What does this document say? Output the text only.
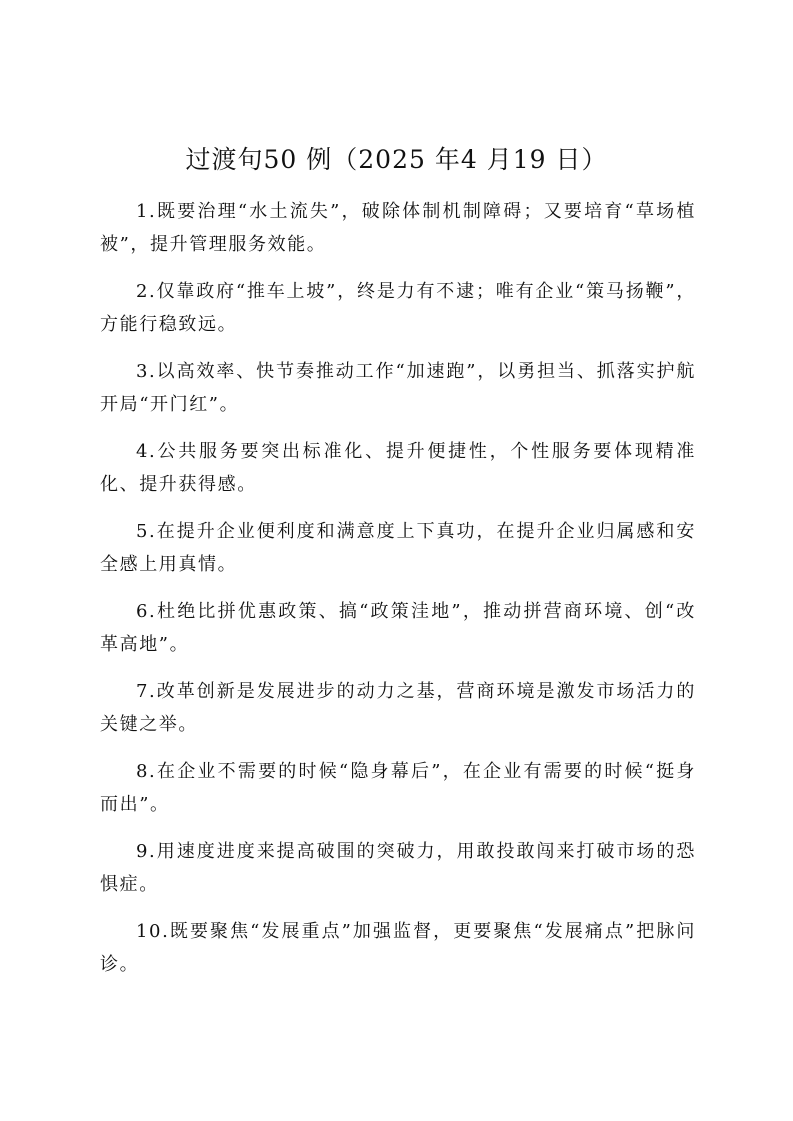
过渡句50 例（2025 年4 月19 日）
1.既要治理“水土流失”，破除体制机制障碍；又要培育“草场植被”，提升管理服务效能。
2.仅靠政府“推车上坡”，终是力有不逮；唯有企业“策马扬鞭”，方能行稳致远。
3.以高效率、快节奏推动工作“加速跑”，以勇担当、抓落实护航开局“开门红”。
4.公共服务要突出标准化、提升便捷性，个性服务要体现精准化、提升获得感。
5.在提升企业便利度和满意度上下真功，在提升企业归属感和安全感上用真情。
6.杜绝比拼优惠政策、搞“政策洼地”，推动拼营商环境、创“改革高地”。
7.改革创新是发展进步的动力之基，营商环境是激发市场活力的关键之举。
8.在企业不需要的时候“隐身幕后”，在企业有需要的时候“挺身而出”。
9.用速度进度来提高破围的突破力，用敢投敢闯来打破市场的恐惧症。
10.既要聚焦“发展重点”加强监督，更要聚焦“发展痛点”把脉问诊。
